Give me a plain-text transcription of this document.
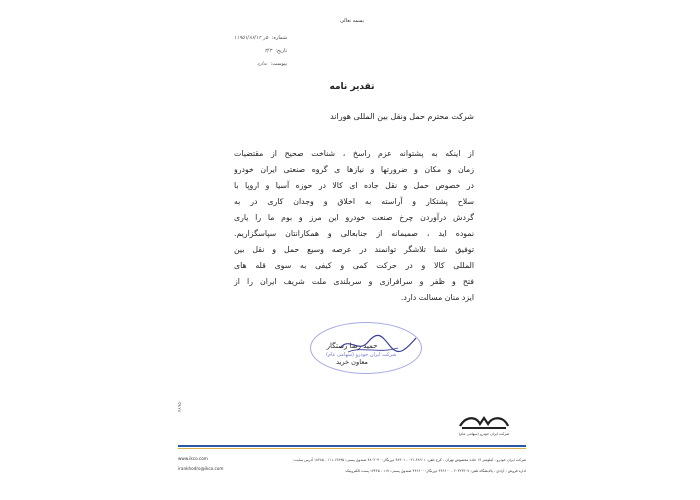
بسمه تعالی
شماره: ۵ر ۱۱۹۵۱/۸۶/۱۲
تاریخ: ۳/۳
پیوست: ندارد
تقدیر نامه
شرکت محترم حمل ونقل بین المللی هوراند
از اینکه به پشتوانه عزم راسخ ، شناخت صحیح از مقتضیات
زمان و مکان و ضرورتها و نیازها ی گروه صنعتی ایران خودرو
در خصوص حمل و نقل جاده ای کالا در حوزه آسیا و اروپا با
سلاح پشتکار و آراسته به اخلاق و وجدان کاری در به
گردش درآوردن چرخ صنعت خودرو این مرز و بوم ما را یاری
نموده اید ، صمیمانه از جنابعالی و همکارانتان سپاسگزاریم.
توفیق شما تلاشگر توانمند در عرصه وسیع حمل و نقل بین
المللی کالا و در حرکت کمی و کیفی به سوی قله های
فتح و ظفر و سرافرازی و سربلندی ملت شریف ایران را از
ایزد منان مسالت دارد.
شرکت ایران خودرو (سهامی عام)
حمید رضا رستگار
معاون خرید
۴۸۹۵۰
شرکت ایران خودرو (سهامی عام)
www.ikco.com
irankhodro@ikco.com
شرکت ایران خودرو ، کیلومتر ۱۴ جاده مخصوص تهران - کرج تلفن: ۴۸۹۰۱-۰۲۱ - ۴۸۹۰۱ دورنگار: ۴۸۰۲۰۴۰ صندوق پستی: ۱۳۸۹۵-۱۱۱ - ۱۸۲۸۵ آدرس سایت:
اداره فروش : آزادی ، پالایشگاه تلفن: ۲۰۳۲۲۳۰۷ - ۴۴۶۶۰۰ دورنگار: ۴۴۶۶۰۰ صندوق پستی: ۱۱۷ - ۱۳۴۴۵ پست الکترونیک:
